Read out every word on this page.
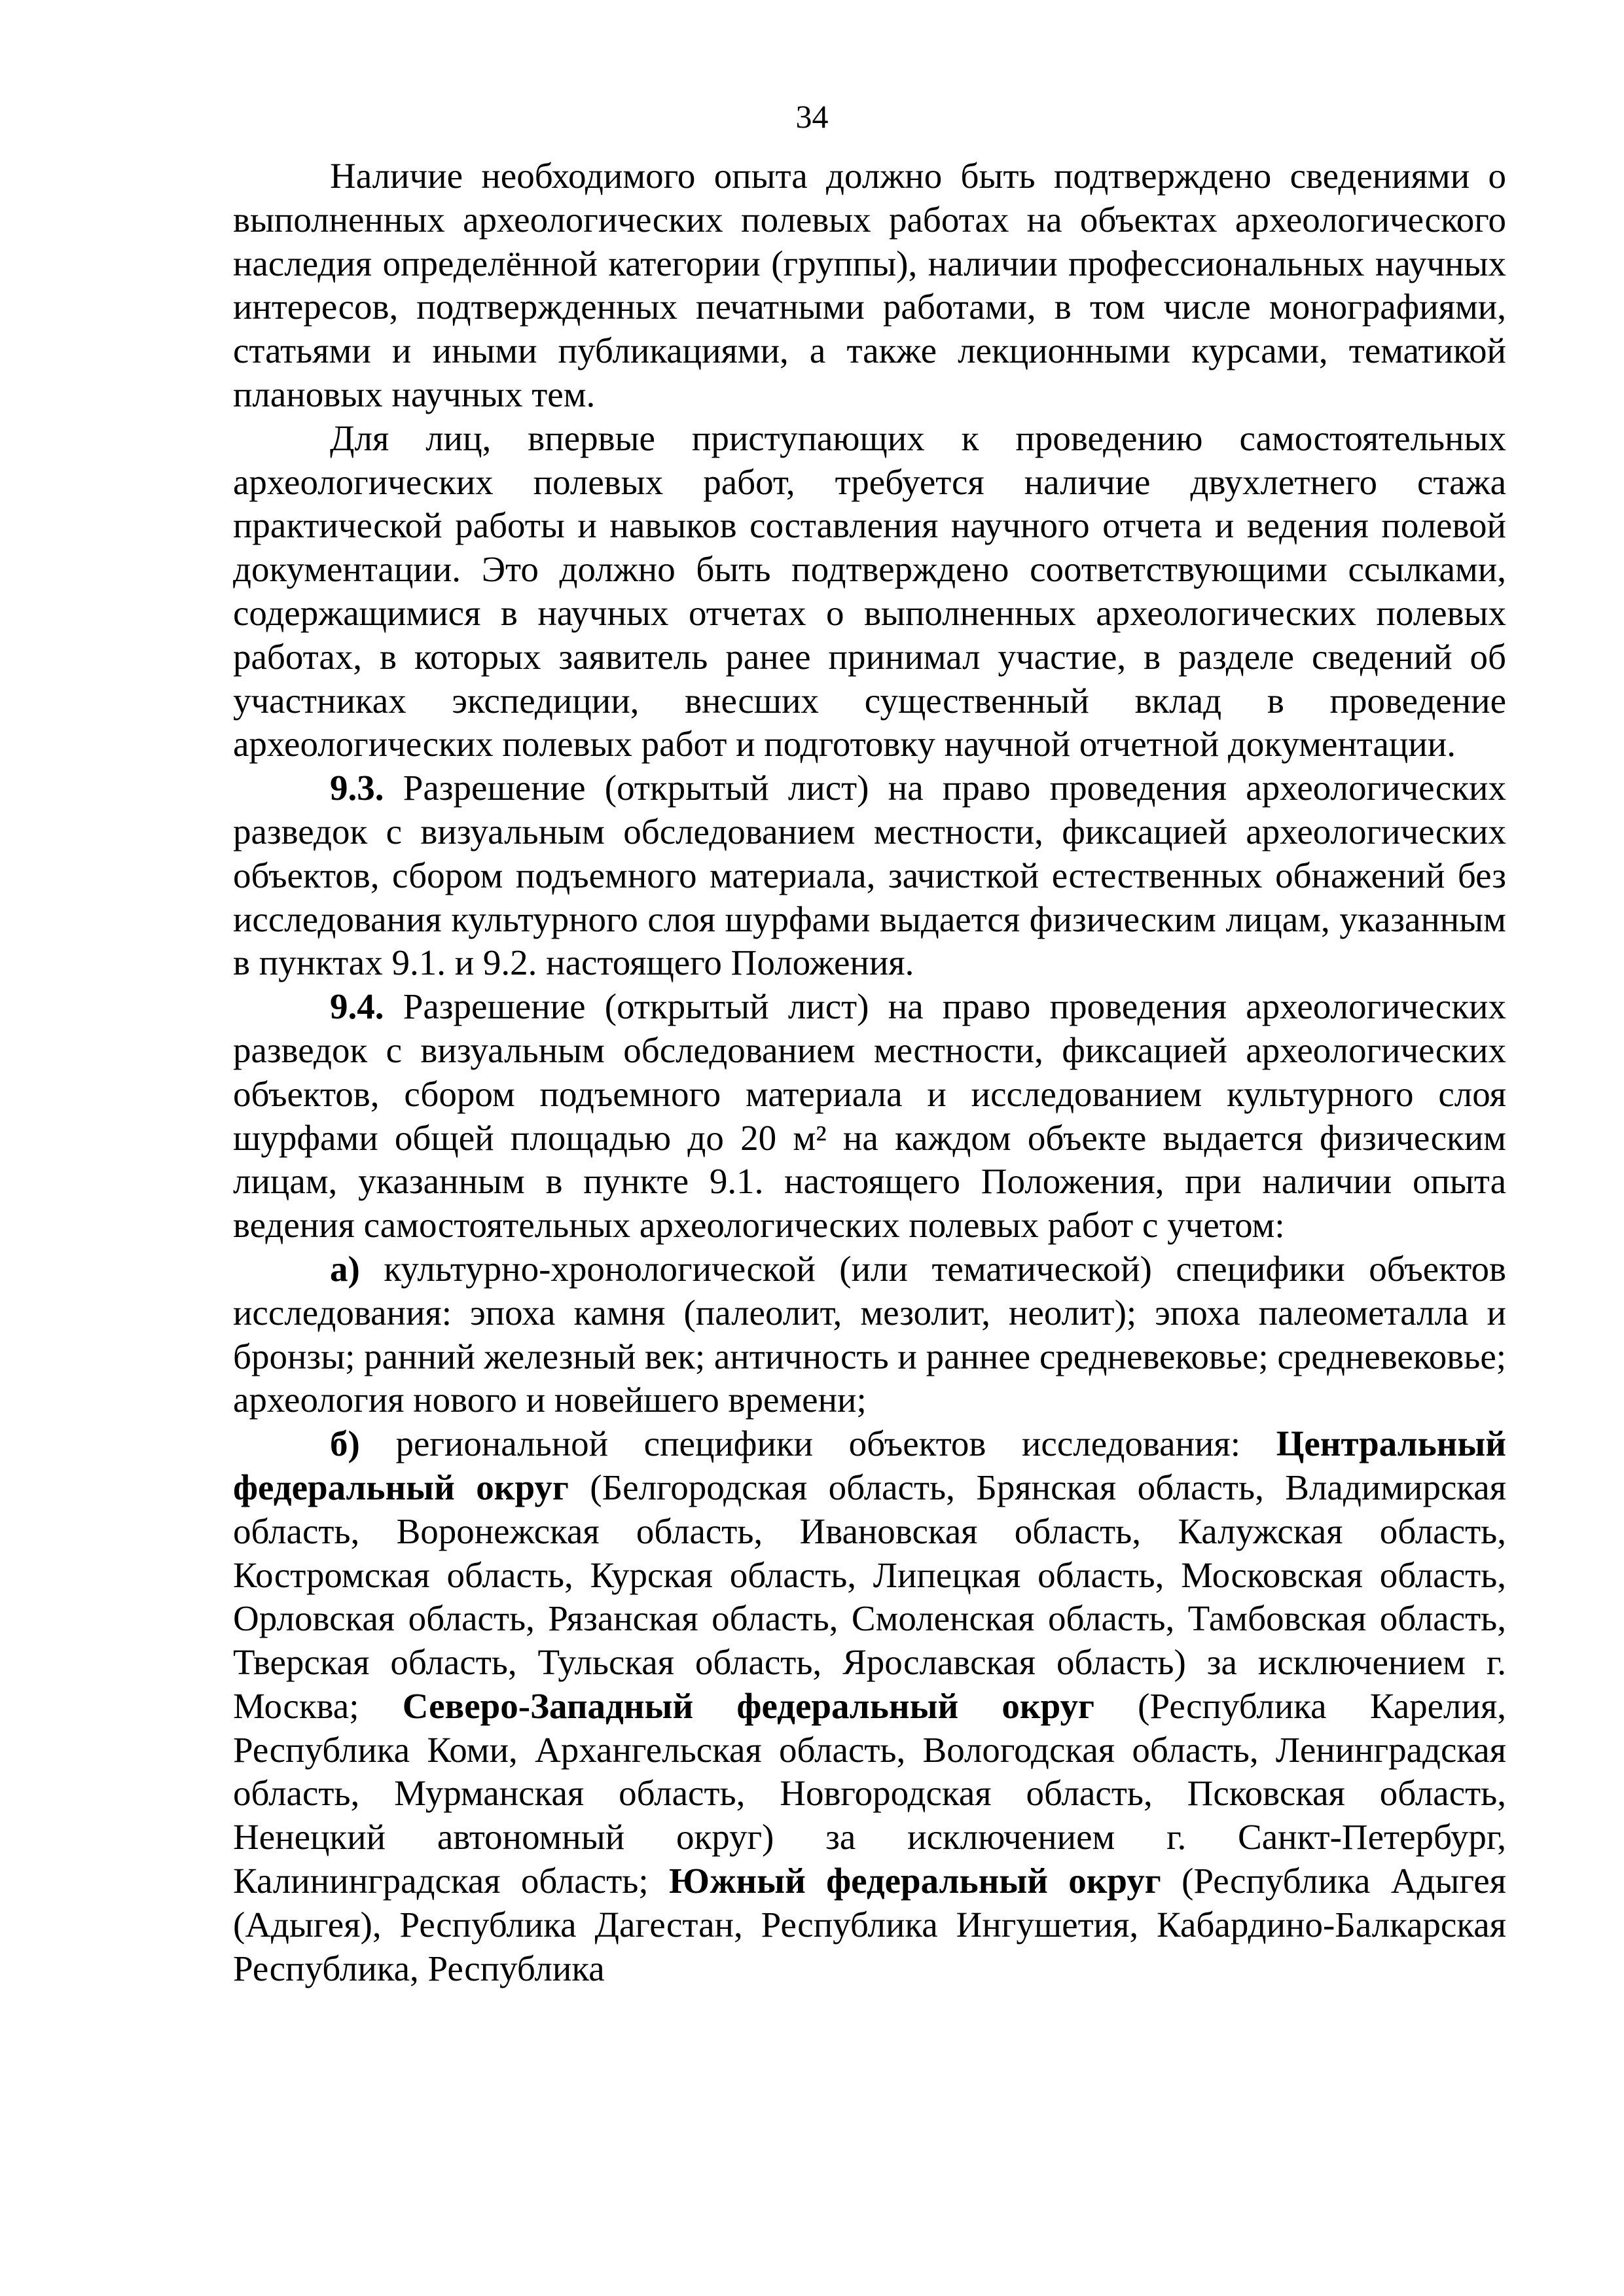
34

Наличие необходимого опыта должно быть подтверждено сведениями о выполненных археологических полевых работах на объектах археологического наследия определённой категории (группы), наличии профессиональных научных интересов, подтвержденных печатными работами, в том числе монографиями, статьями и иными публикациями, а также лекционными курсами, тематикой плановых научных тем.

Для лиц, впервые приступающих к проведению самостоятельных археологических полевых работ, требуется наличие двухлетнего стажа практической работы и навыков составления научного отчета и ведения полевой документации. Это должно быть подтверждено соответствующими ссылками, содержащимися в научных отчетах о выполненных археологических полевых работах, в которых заявитель ранее принимал участие, в разделе сведений об участниках экспедиции, внесших существенный вклад в проведение археологических полевых работ и подготовку научной отчетной документации.

9.3. Разрешение (открытый лист) на право проведения археологических разведок с визуальным обследованием местности, фиксацией археологических объектов, сбором подъемного материала, зачисткой естественных обнажений без исследования культурного слоя шурфами выдается физическим лицам, указанным в пунктах 9.1. и 9.2. настоящего Положения.

9.4. Разрешение (открытый лист) на право проведения археологических разведок с визуальным обследованием местности, фиксацией археологических объектов, сбором подъемного материала и исследованием культурного слоя шурфами общей площадью до 20 м² на каждом объекте выдается физическим лицам, указанным в пункте 9.1. настоящего Положения, при наличии опыта ведения самостоятельных археологических полевых работ с учетом:

а) культурно-хронологической (или тематической) специфики объектов исследования: эпоха камня (палеолит, мезолит, неолит); эпоха палеометалла и бронзы; ранний железный век; античность и раннее средневековье; средневековье; археология нового и новейшего времени;

б) региональной специфики объектов исследования: Центральный федеральный округ (Белгородская область, Брянская область, Владимирская область, Воронежская область, Ивановская область, Калужская область, Костромская область, Курская область, Липецкая область, Московская область, Орловская область, Рязанская область, Смоленская область, Тамбовская область, Тверская область, Тульская область, Ярославская область) за исключением г. Москва; Северо-Западный федеральный округ (Республика Карелия, Республика Коми, Архангельская область, Вологодская область, Ленинградская область, Мурманская область, Новгородская область, Псковская область, Ненецкий автономный округ) за исключением г. Санкт-Петербург, Калининградская область; Южный федеральный округ (Республика Адыгея (Адыгея), Республика Дагестан, Республика Ингушетия, Кабардино-Балкарская Республика, Республика
